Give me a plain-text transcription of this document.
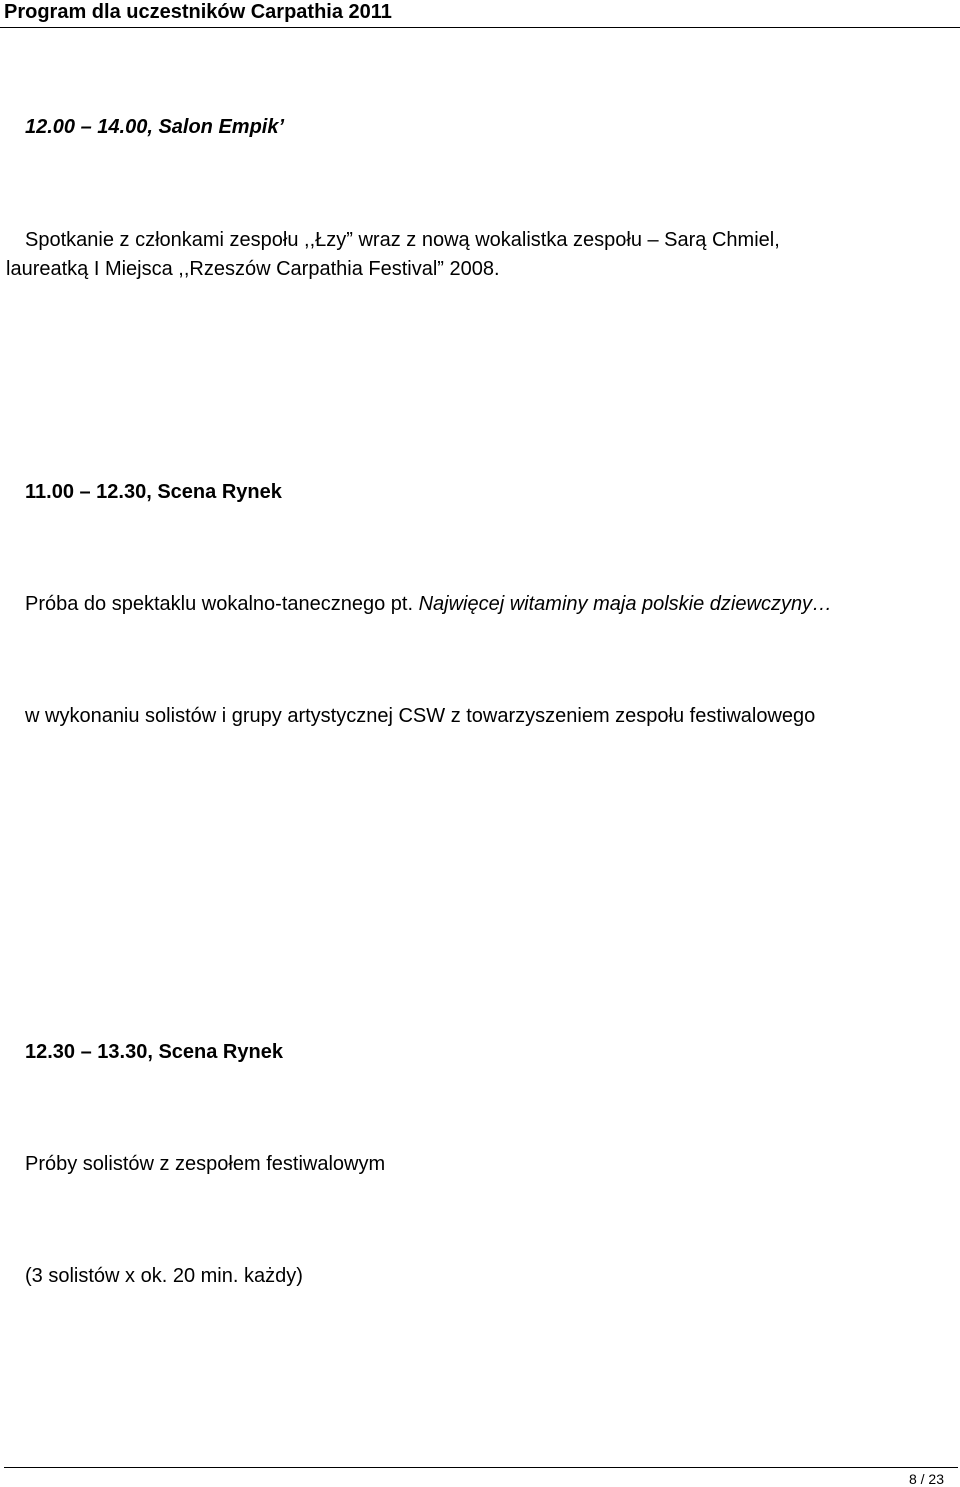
Program dla uczestników Carpathia 2011
12.00 – 14.00, Salon Empik’
Spotkanie z członkami zespołu ,,Łzy” wraz z nową wokalistka zespołu – Sarą Chmiel,
laureatką I Miejsca ,,Rzeszów Carpathia Festival” 2008.
11.00 – 12.30, Scena Rynek
Próba do spektaklu wokalno-tanecznego pt. Najwięcej witaminy maja polskie dziewczyny…
w wykonaniu solistów i grupy artystycznej CSW z towarzyszeniem zespołu festiwalowego
12.30 – 13.30, Scena Rynek
Próby solistów z zespołem festiwalowym
(3 solistów x ok. 20 min. każdy)
8 / 23
